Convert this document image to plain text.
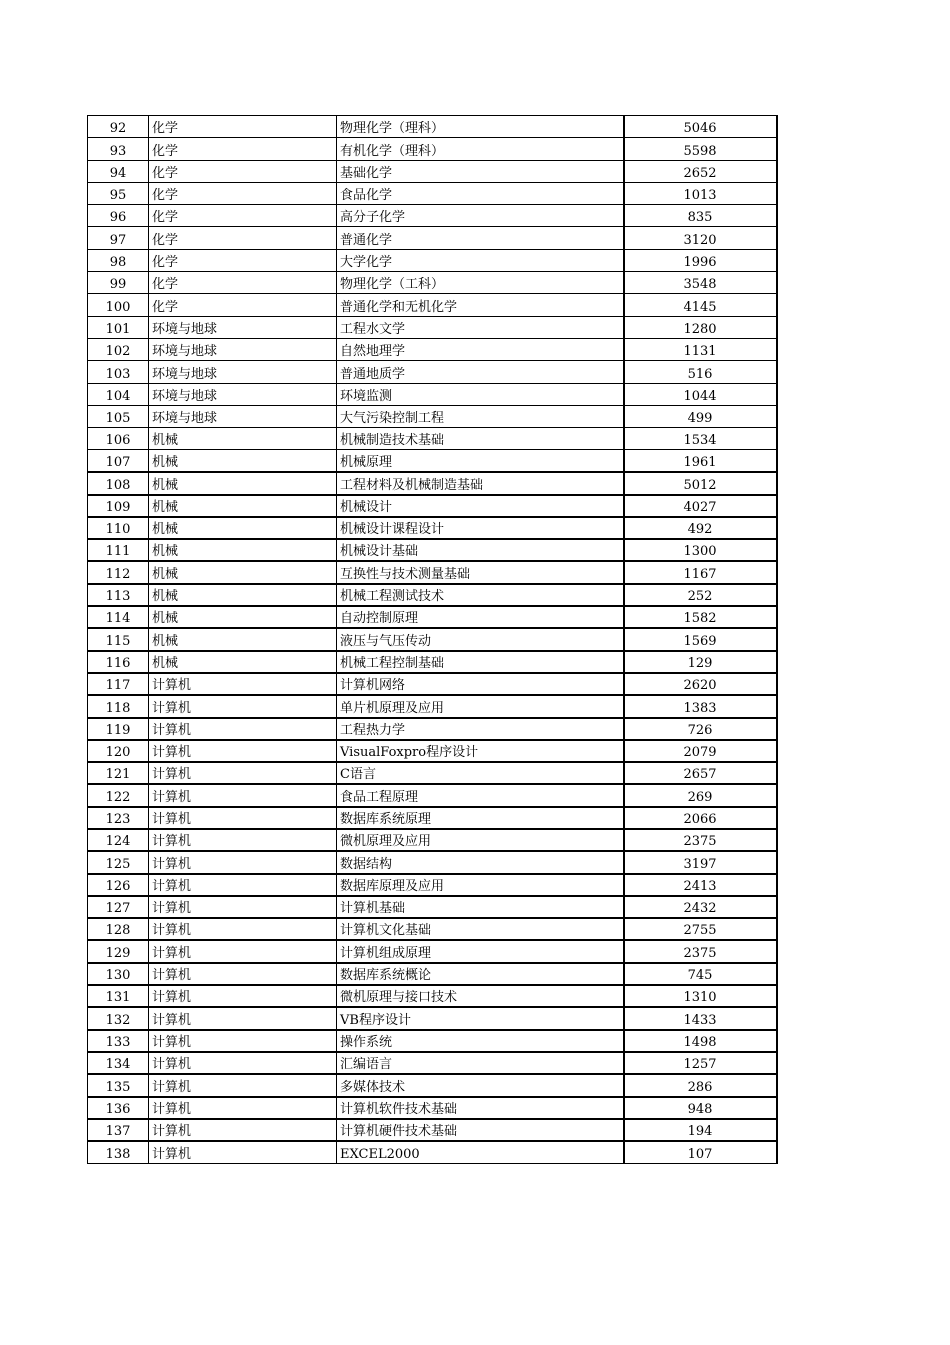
92	化学	物理化学（理科）	5046
93	化学	有机化学（理科）	5598
94	化学	基础化学	2652
95	化学	食品化学	1013
96	化学	高分子化学	835
97	化学	普通化学	3120
98	化学	大学化学	1996
99	化学	物理化学（工科）	3548
100	化学	普通化学和无机化学	4145
101	环境与地球	工程水文学	1280
102	环境与地球	自然地理学	1131
103	环境与地球	普通地质学	516
104	环境与地球	环境监测	1044
105	环境与地球	大气污染控制工程	499
106	机械	机械制造技术基础	1534
107	机械	机械原理	1961
108	机械	工程材料及机械制造基础	5012
109	机械	机械设计	4027
110	机械	机械设计课程设计	492
111	机械	机械设计基础	1300
112	机械	互换性与技术测量基础	1167
113	机械	机械工程测试技术	252
114	机械	自动控制原理	1582
115	机械	液压与气压传动	1569
116	机械	机械工程控制基础	129
117	计算机	计算机网络	2620
118	计算机	单片机原理及应用	1383
119	计算机	工程热力学	726
120	计算机	VisualFoxpro程序设计	2079
121	计算机	C语言	2657
122	计算机	食品工程原理	269
123	计算机	数据库系统原理	2066
124	计算机	微机原理及应用	2375
125	计算机	数据结构	3197
126	计算机	数据库原理及应用	2413
127	计算机	计算机基础	2432
128	计算机	计算机文化基础	2755
129	计算机	计算机组成原理	2375
130	计算机	数据库系统概论	745
131	计算机	微机原理与接口技术	1310
132	计算机	VB程序设计	1433
133	计算机	操作系统	1498
134	计算机	汇编语言	1257
135	计算机	多媒体技术	286
136	计算机	计算机软件技术基础	948
137	计算机	计算机硬件技术基础	194
138	计算机	EXCEL2000	107
